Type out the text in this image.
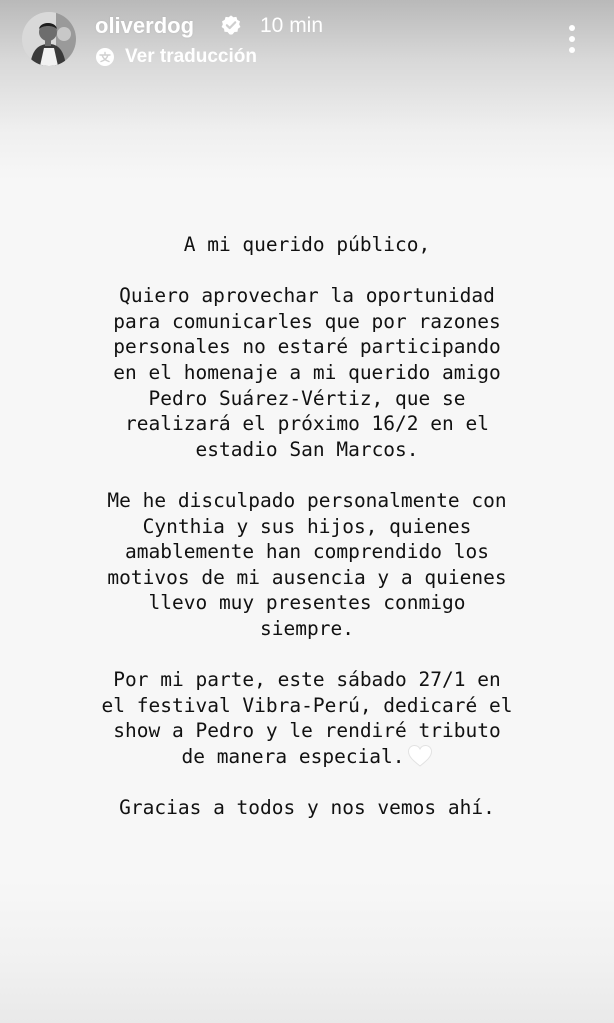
oliverdog	10 min
Ver traducción
A mi querido público,
Quiero aprovechar la oportunidad
para comunicarles que por razones
personales no estaré participando
en el homenaje a mi querido amigo
Pedro Suárez-Vértiz, que se
realizará el próximo 16/2 en el
estadio San Marcos.
Me he disculpado personalmente con
Cynthia y sus hijos, quienes
amablemente han comprendido los
motivos de mi ausencia y a quienes
llevo muy presentes conmigo
siempre.
Por mi parte, este sábado 27/1 en
el festival Vibra-Perú, dedicaré el
show a Pedro y le rendiré tributo
de manera especial.
Gracias a todos y nos vemos ahí.
